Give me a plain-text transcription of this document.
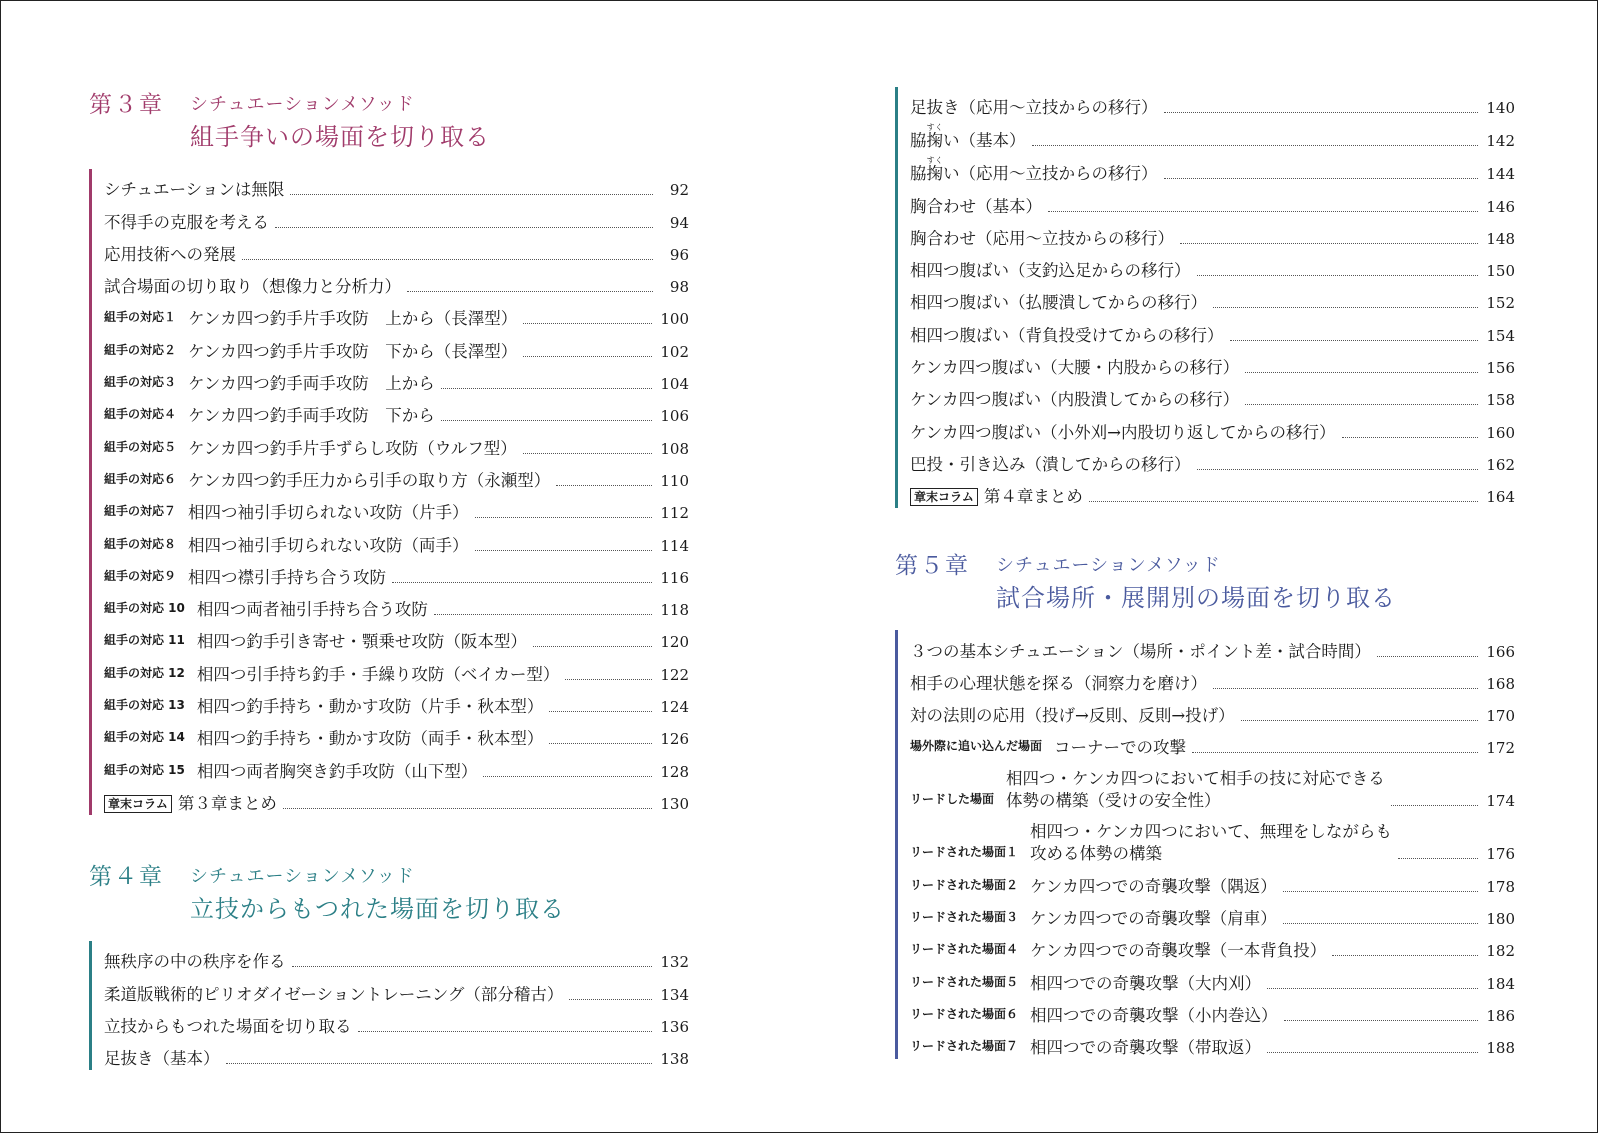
第３章 シチュエーションメソッド
組手争いの場面を切り取る
シチュエーションは無限	92
不得手の克服を考える	94
応用技術への発展	96
試合場面の切り取り（想像力と分析力）	98
組手の対応１ ケンカ四つ釣手片手攻防　上から（長澤型）	100
組手の対応２ ケンカ四つ釣手片手攻防　下から（長澤型）	102
組手の対応３ ケンカ四つ釣手両手攻防　上から	104
組手の対応４ ケンカ四つ釣手両手攻防　下から	106
組手の対応５ ケンカ四つ釣手片手ずらし攻防（ウルフ型）	108
組手の対応６ ケンカ四つ釣手圧力から引手の取り方（永瀬型）	110
組手の対応７ 相四つ袖引手切られない攻防（片手）	112
組手の対応８ 相四つ袖引手切られない攻防（両手）	114
組手の対応９ 相四つ襟引手持ち合う攻防	116
組手の対応 10 相四つ両者袖引手持ち合う攻防	118
組手の対応 11 相四つ釣手引き寄せ・顎乗せ攻防（阪本型）	120
組手の対応 12 相四つ引手持ち釣手・手繰り攻防（ベイカー型）	122
組手の対応 13 相四つ釣手持ち・動かす攻防（片手・秋本型）	124
組手の対応 14 相四つ釣手持ち・動かす攻防（両手・秋本型）	126
組手の対応 15 相四つ両者胸突き釣手攻防（山下型）	128
章末コラム 第３章まとめ	130
第４章 シチュエーションメソッド
立技からもつれた場面を切り取る
無秩序の中の秩序を作る	132
柔道版戦術的ピリオダイゼーショントレーニング（部分稽古）	134
立技からもつれた場面を切り取る	136
足抜き（基本）	138
足抜き（応用〜立技からの移行）	140
脇掬すくい（基本）	142
脇掬すくい（応用〜立技からの移行）	144
胸合わせ（基本）	146
胸合わせ（応用〜立技からの移行）	148
相四つ腹ばい（支釣込足からの移行）	150
相四つ腹ばい（払腰潰してからの移行）	152
相四つ腹ばい（背負投受けてからの移行）	154
ケンカ四つ腹ばい（大腰・内股からの移行）	156
ケンカ四つ腹ばい（内股潰してからの移行）	158
ケンカ四つ腹ばい（小外刈→内股切り返してからの移行）	160
巴投・引き込み（潰してからの移行）	162
章末コラム 第４章まとめ	164
第５章 シチュエーションメソッド
試合場所・展開別の場面を切り取る
３つの基本シチュエーション（場所・ポイント差・試合時間）	166
相手の心理状態を探る（洞察力を磨け）	168
対の法則の応用（投げ→反則、反則→投げ）	170
場外際に追い込んだ場面 コーナーでの攻撃	172
リードした場面
相四つ・ケンカ四つにおいて相手の技に対応できる
体勢の構築（受けの安全性）	174
リードされた場面１
相四つ・ケンカ四つにおいて、無理をしながらも
攻める体勢の構築	176
リードされた場面２ ケンカ四つでの奇襲攻撃（隅返）	178
リードされた場面３ ケンカ四つでの奇襲攻撃（肩車）	180
リードされた場面４ ケンカ四つでの奇襲攻撃（一本背負投）	182
リードされた場面５ 相四つでの奇襲攻撃（大内刈）	184
リードされた場面６ 相四つでの奇襲攻撃（小内巻込）	186
リードされた場面７ 相四つでの奇襲攻撃（帯取返）	188
